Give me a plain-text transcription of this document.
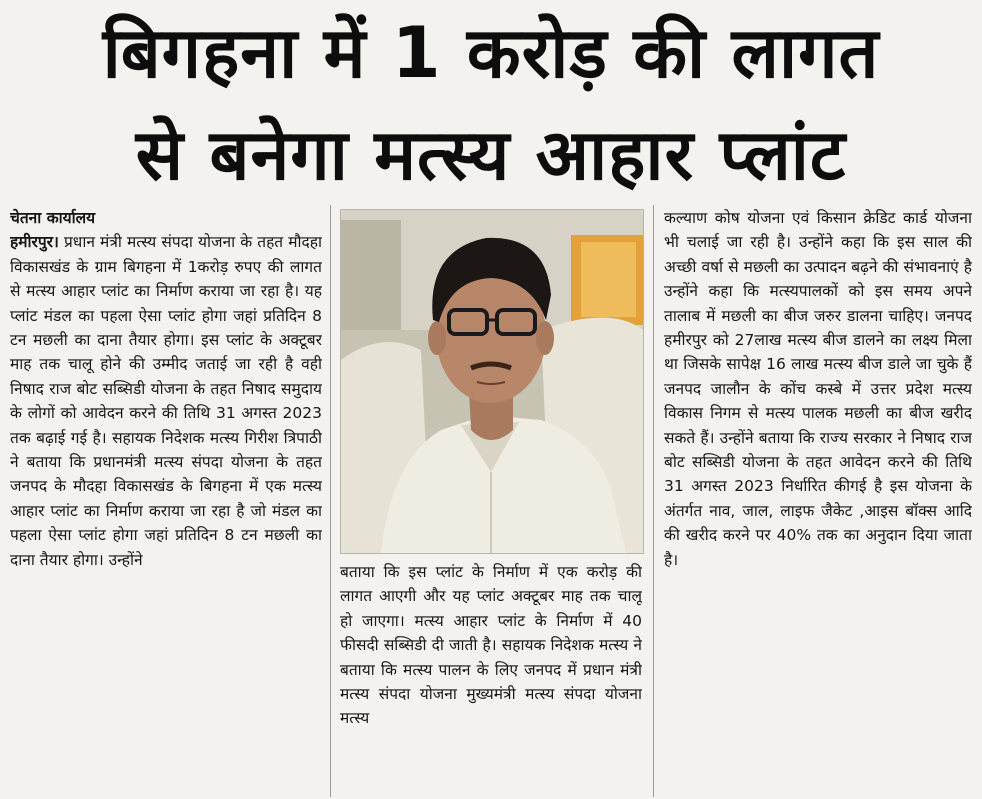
बिगहना में 1 करोड़ की लागत
से बनेगा मत्स्य आहार प्लांट
चेतना कार्यालय
हमीरपुर। प्रधान मंत्री मत्स्य संपदा योजना के तहत मौदहा विकासखंड के ग्राम बिगहना में 1करोड़ रुपए की लागत से मत्स्य आहार प्लांट का निर्माण कराया जा रहा है। यह प्लांट मंडल का पहला ऐसा प्लांट होगा जहां प्रतिदिन 8 टन मछली का दाना तैयार होगा। इस प्लांट के अक्टूबर माह तक चालू होने की उम्मीद जताई जा रही है वही निषाद राज बोट सब्सिडी योजना के तहत निषाद समुदाय के लोगों को आवेदन करने की तिथि 31 अगस्त 2023 तक बढ़ाई गई है। सहायक निदेशक मत्स्य गिरीश त्रिपाठी ने बताया कि प्रधानमंत्री मत्स्य संपदा योजना के तहत जनपद के मौदहा विकासखंड के बिगहना में एक मत्स्य आहार प्लांट का निर्माण कराया जा रहा है जो मंडल का पहला ऐसा प्लांट होगा जहां प्रतिदिन 8 टन मछली का दाना तैयार होगा। उन्होंने
बताया कि इस प्लांट के निर्माण में एक करोड़ की लागत आएगी और यह प्लांट अक्टूबर माह तक चालू हो जाएगा। मत्स्य आहार प्लांट के निर्माण में 40 फीसदी सब्सिडी दी जाती है। सहायक निदेशक मत्स्य ने बताया कि मत्स्य पालन के लिए जनपद में प्रधान मंत्री मत्स्य संपदा योजना मुख्यमंत्री मत्स्य संपदा योजना मत्स्य
कल्याण कोष योजना एवं किसान क्रेडिट कार्ड योजना भी चलाई जा रही है। उन्होंने कहा कि इस साल की अच्छी वर्षा से मछली का उत्पादन बढ़ने की संभावनाएं है उन्होंने कहा कि मत्स्यपालकों को इस समय अपने तालाब में मछली का बीज जरुर डालना चाहिए। जनपद हमीरपुर को 27लाख मत्स्य बीज डालने का लक्ष्य मिला था जिसके सापेक्ष 16 लाख मत्स्य बीज डाले जा चुके हैं जनपद जालौन के कोंच कस्बे में उत्तर प्रदेश मत्स्य विकास निगम से मत्स्य पालक मछली का बीज खरीद सकते हैं। उन्होंने बताया कि राज्य सरकार ने निषाद राज बोट सब्सिडी योजना के तहत आवेदन करने की तिथि 31 अगस्त 2023 निर्धारित कीगई है इस योजना के अंतर्गत नाव, जाल, लाइफ जैकेट ,आइस बॉक्स आदि की खरीद करने पर 40% तक का अनुदान दिया जाता है।
